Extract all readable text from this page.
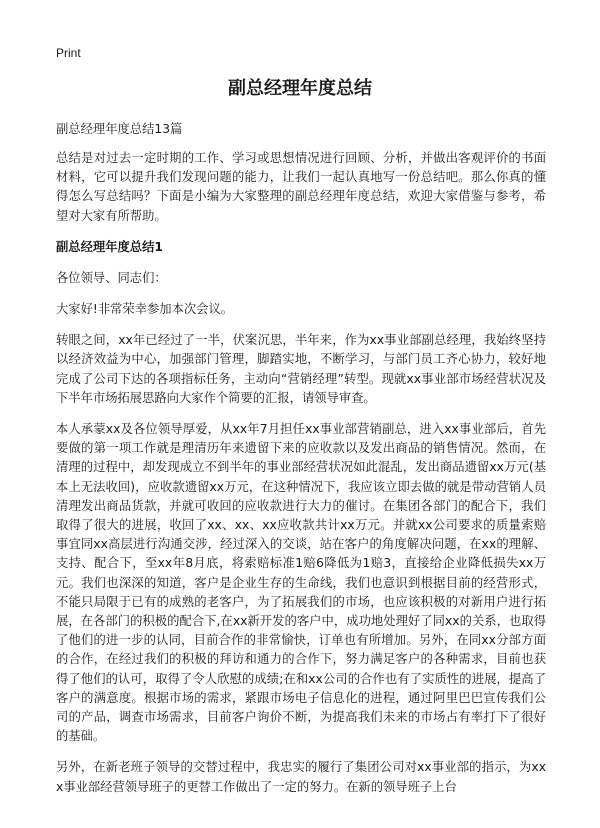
Print
副总经理年度总结

副总经理年度总结13篇

总结是对过去一定时期的工作、学习或思想情况进行回顾、分析，并做出客观评价的书面材料，它可以提升我们发现问题的能力，让我们一起认真地写一份总结吧。那么你真的懂得怎么写总结吗？下面是小编为大家整理的副总经理年度总结，欢迎大家借鉴与参考，希望对大家有所帮助。

副总经理年度总结1

各位领导、同志们：

大家好!非常荣幸参加本次会议。

转眼之间，xx年已经过了一半，伏案沉思，半年来，作为xx事业部副总经理，我始终坚持以经济效益为中心，加强部门管理，脚踏实地，不断学习，与部门员工齐心协力，较好地完成了公司下达的各项指标任务，主动向“营销经理”转型。现就xx事业部市场经营状况及下半年市场拓展思路向大家作个简要的汇报，请领导审查。

本人承蒙xx及各位领导厚爱，从xx年7月担任xx事业部营销副总，进入xx事业部后，首先要做的第一项工作就是理清历年来遗留下来的应收款以及发出商品的销售情况。然而，在清理的过程中，却发现成立不到半年的事业部经营状况如此混乱，发出商品遗留xx万元(基本上无法收回)，应收款遗留xx万元，在这种情况下，我应该立即去做的就是带动营销人员清理发出商品货款，并就可收回的应收款进行大力的催讨。在集团各部门的配合下，我们取得了很大的进展，收回了xx、xx、xx应收款共计xx万元。并就xx公司要求的质量索赔事宜同xx高层进行沟通交涉，经过深入的交谈，站在客户的角度解决问题，在xx的理解、支持、配合下，至xx年8月底，将索赔标准1赔6降低为1赔3，直接给企业降低损失xx万元。我们也深深的知道，客户是企业生存的生命线，我们也意识到根据目前的经营形式，不能只局限于已有的成熟的老客户，为了拓展我们的市场，也应该积极的对新用户进行拓展，在各部门的积极的配合下,在xx新开发的客户中，成功地处理好了同xx的关系，也取得了他们的进一步的认同，目前合作的非常愉快，订单也有所增加。另外，在同xx分部方面的合作，在经过我们的积极的拜访和通力的合作下，努力满足客户的各种需求，目前也获得了他们的认可，取得了令人欣慰的成绩;在和xx公司的合作也有了实质性的进展，提高了客户的满意度。根据市场的需求，紧跟市场电子信息化的进程，通过阿里巴巴宣传我们公司的产品，调查市场需求，目前客户询价不断，为提高我们未来的市场占有率打下了很好的基础。

另外，在新老班子领导的交替过程中，我忠实的履行了集团公司对xx事业部的指示，为xxx事业部经营领导班子的更替工作做出了一定的努力。在新的领导班子上台
